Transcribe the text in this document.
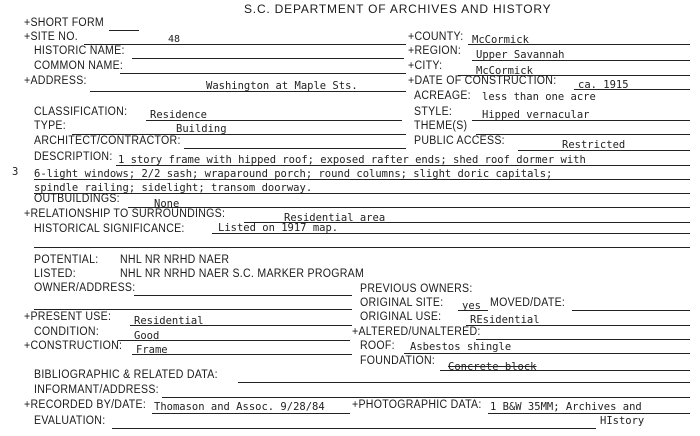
S.C. DEPARTMENT OF ARCHIVES AND HISTORY
+SHORT FORM
+SITE NO.	48	+COUNTY: McCormick
HISTORIC NAME:	+REGION: Upper Savannah
COMMON NAME:	+CITY:	McCormick
+ADDRESS:	Washington at Maple Sts.	+DATE OF CONSTRUCTION: ca. 1915
ACREAGE: less than one acre
CLASSIFICATION: Residence	STYLE:	Hipped vernacular
TYPE:	Building	THEME(S)
ARCHITECT/CONTRACTOR:	PUBLIC ACCESS:	Restricted
DESCRIPTION: 1 story frame with hipped roof; exposed rafter ends; shed roof dormer with
3 6-light windows; 2/2 sash; wraparound porch; round columns; slight doric capitals;
spindle railing; sidelight; transom doorway.
OUTBUILDINGS:	None
+RELATIONSHIP TO SURROUNDINGS:	Residential area
HISTORICAL SIGNIFICANCE:	Listed on 1917 map.
POTENTIAL: NHL NR NRHD NAER
LISTED:	NHL NR NRHD NAER S.C. MARKER PROGRAM
OWNER/ADDRESS:	PREVIOUS OWNERS:
ORIGINAL SITE: yes MOVED/DATE:
+PRESENT USE: Residential	ORIGINAL USE:	REsidential
CONDITION:	Good	+ALTERED/UNALTERED:
+CONSTRUCTION: Frame	ROOF: Asbestos shingle
FOUNDATION: Concrete block
BIBLIOGRAPHIC & RELATED DATA:
INFORMANT/ADDRESS:
+RECORDED BY/DATE: Thomason and Assoc. 9/28/84 +PHOTOGRAPHIC DATA: 1 B&W 35MM; Archives and
HIstory
EVALUATION:
